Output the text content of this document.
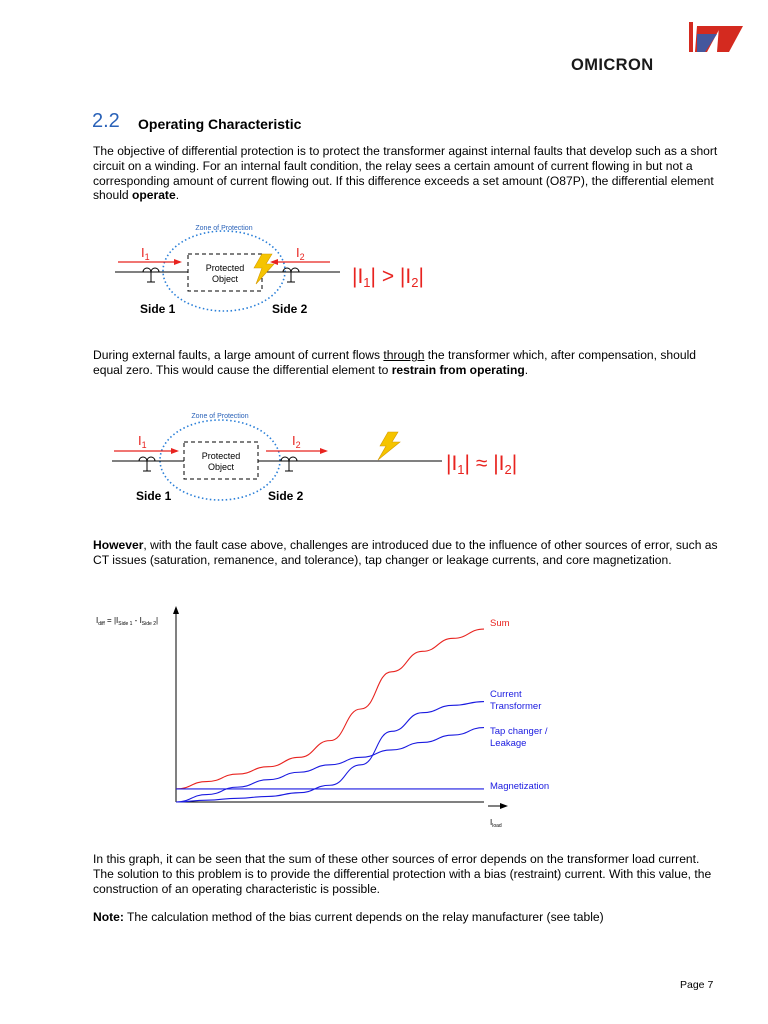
OMICRON
2.2 Operating Characteristic
The objective of differential protection is to protect the transformer against internal faults that develop such as a short circuit on a winding. For an internal fault condition, the relay sees a certain amount of current flowing in but not a corresponding amount of current flowing out. If this difference exceeds a set amount (O87P), the differential element should operate.
Zone of Protection
Protected
Object
$I_1$	$I_2$
Side 1	Side 2
|I1| > |I2|
During external faults, a large amount of current flows through the transformer which, after compensation, should equal zero. This would cause the differential element to restrain from operating.
Zone of Protection
Protected
Object
$I_1$	$I_2$
Side 1	Side 2
|I1| ≈ |I2|
However, with the fault case above, challenges are introduced due to the influence of other sources of error, such as CT issues (saturation, remanence, and tolerance), tap changer or leakage currents, and core magnetization.
$I_{diff} = |I_{Side 1} - I_{Side 2}|$
$I_{load}$
Sum
Current
Transformer
Tap changer /
Leakage
Magnetization
In this graph, it can be seen that the sum of these other sources of error depends on the transformer load current. The solution to this problem is to provide the differential protection with a bias (restraint) current. With this value, the construction of an operating characteristic is possible.
Note: The calculation method of the bias current depends on the relay manufacturer (see table)
Page 7
